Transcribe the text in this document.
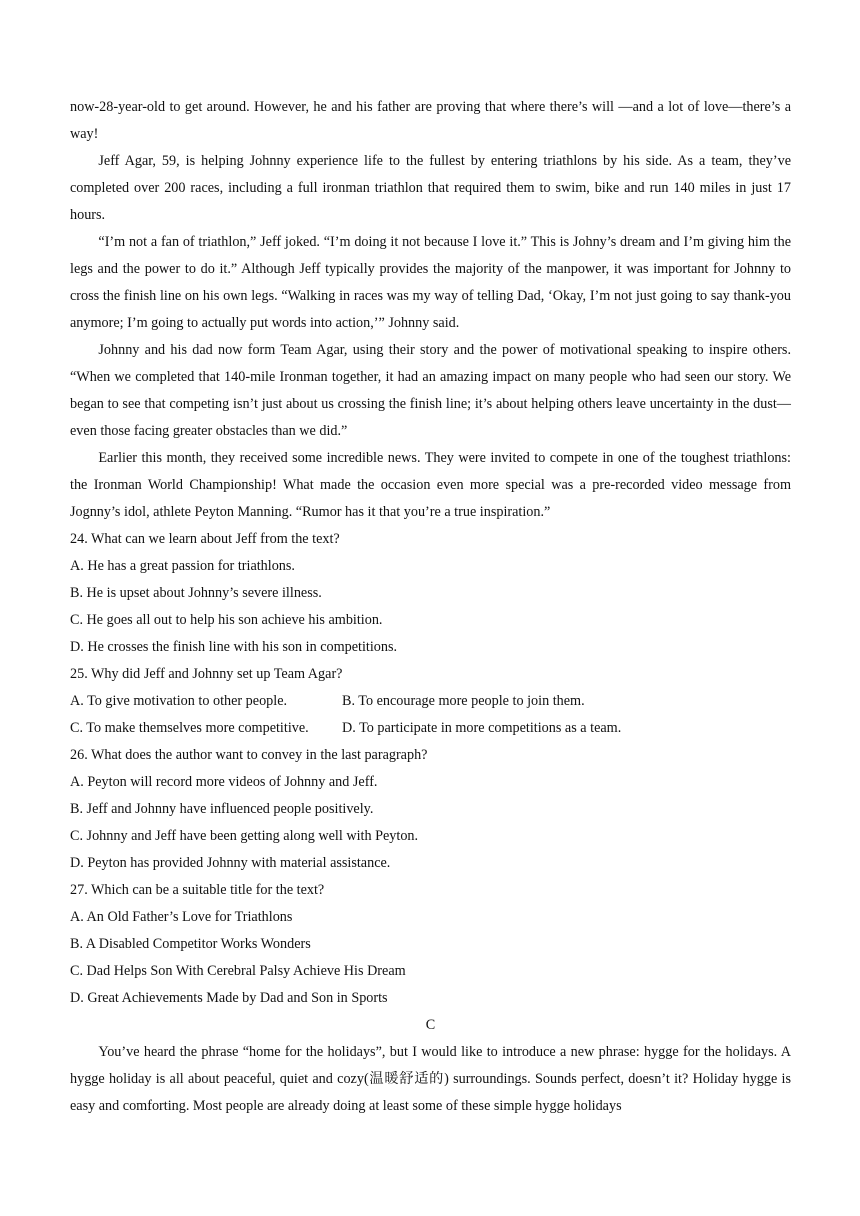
now-28-year-old to get around. However, he and his father are proving that where there’s will —and a lot of love—there’s a way!

Jeff Agar, 59, is helping Johnny experience life to the fullest by entering triathlons by his side. As a team, they’ve completed over 200 races, including a full ironman triathlon that required them to swim, bike and run 140 miles in just 17 hours.

“I’m not a fan of triathlon,” Jeff joked. “I’m doing it not because I love it.” This is Johny’s dream and I’m giving him the legs and the power to do it.” Although Jeff typically provides the majority of the manpower, it was important for Johnny to cross the finish line on his own legs. “Walking in races was my way of telling Dad, ‘Okay, I’m not just going to say thank-you anymore; I’m going to actually put words into action,’” Johnny said.

Johnny and his dad now form Team Agar, using their story and the power of motivational speaking to inspire others. “When we completed that 140-mile Ironman together, it had an amazing impact on many people who had seen our story. We began to see that competing isn’t just about us crossing the finish line; it’s about helping others leave uncertainty in the dust—even those facing greater obstacles than we did.”

Earlier this month, they received some incredible news. They were invited to compete in one of the toughest triathlons: the Ironman World Championship! What made the occasion even more special was a pre-recorded video message from Jognny’s idol, athlete Peyton Manning. “Rumor has it that you’re a true inspiration.”

24. What can we learn about Jeff from the text?

A. He has a great passion for triathlons.

B. He is upset about Johnny’s severe illness.

C. He goes all out to help his son achieve his ambition.

D. He crosses the finish line with his son in competitions.

25. Why did Jeff and Johnny set up Team Agar?

A. To give motivation to other people.	B. To encourage more people to join them.
C. To make themselves more competitive.	D. To participate in more competitions as a team.

26. What does the author want to convey in the last paragraph?

A. Peyton will record more videos of Johnny and Jeff.

B. Jeff and Johnny have influenced people positively.

C. Johnny and Jeff have been getting along well with Peyton.

D. Peyton has provided Johnny with material assistance.

27. Which can be a suitable title for the text?

A. An Old Father’s Love for Triathlons

B. A Disabled Competitor Works Wonders

C. Dad Helps Son With Cerebral Palsy Achieve His Dream

D. Great Achievements Made by Dad and Son in Sports

C

You’ve heard the phrase “home for the holidays”, but I would like to introduce a new phrase: hygge for the holidays. A hygge holiday is all about peaceful, quiet and cozy(温暖舒适的) surroundings. Sounds perfect, doesn’t it? Holiday hygge is easy and comforting. Most people are already doing at least some of these simple hygge holidays
